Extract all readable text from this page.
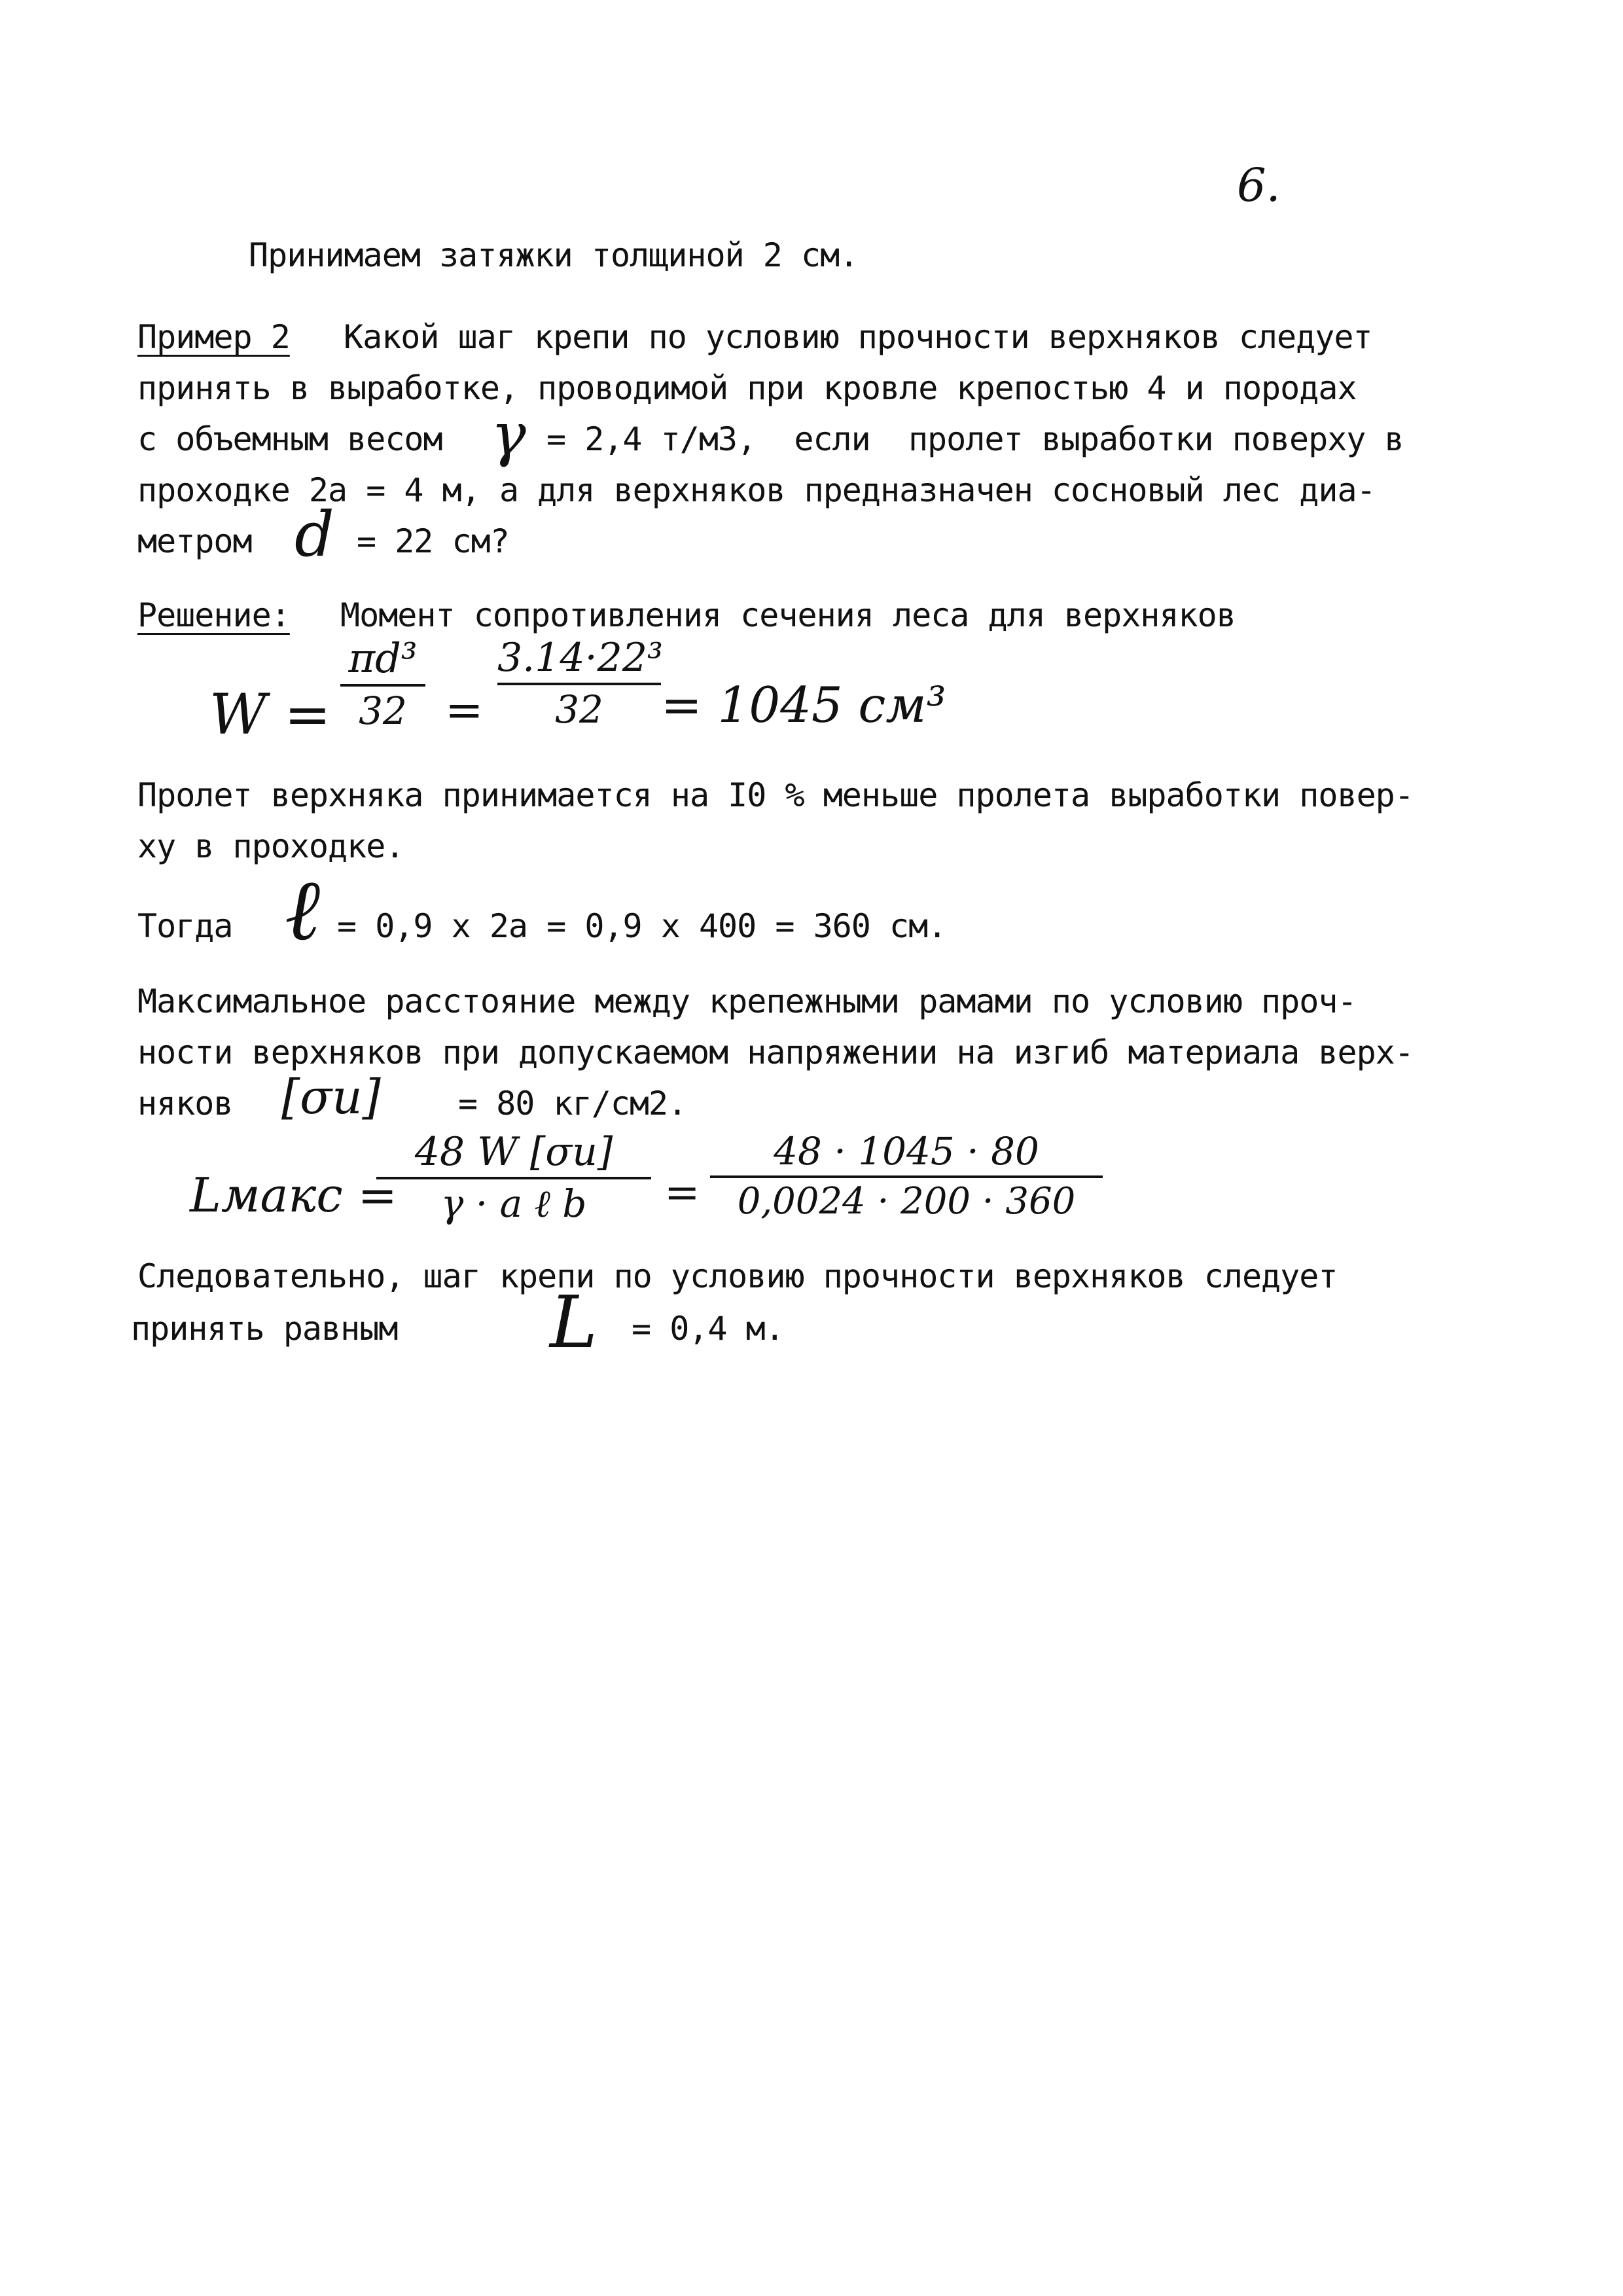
6.
Принимаем затяжки толщиной 2 см.
Пример 2 Какой шаг крепи по условию прочности верхняков следует
принять в выработке, проводимой при кровле крепостью 4 и породах
с объемным весом γ = 2,4 т/м3,  если  пролет выработки поверху в
проходке 2а = 4 м, а для верхняков предназначен сосновый лес диа-
метром d = 22 см?
Решение: Момент сопротивления сечения леса для верхняков
W =
πd³
32 =
3.14·22³
32	= 1045 см³
Пролет верхняка принимается на I0 % меньше пролета выработки повер-
ху в проходке.
Тогда ℓ = 0,9 x 2а = 0,9 x 400 = 360 см.
Максимальное расстояние между крепежными рамами по условию проч-
ности верхняков при допускаемом напряжении на изгиб материала верх-
няков [σи] = 80 кг/см2.
Lмакс =
48 W [σи]
γ · a ℓ b	=
48 · 1045 · 80
0,0024 · 200 · 360
Следовательно, шаг крепи по условию прочности верхняков следует
принять равным L = 0,4 м.
